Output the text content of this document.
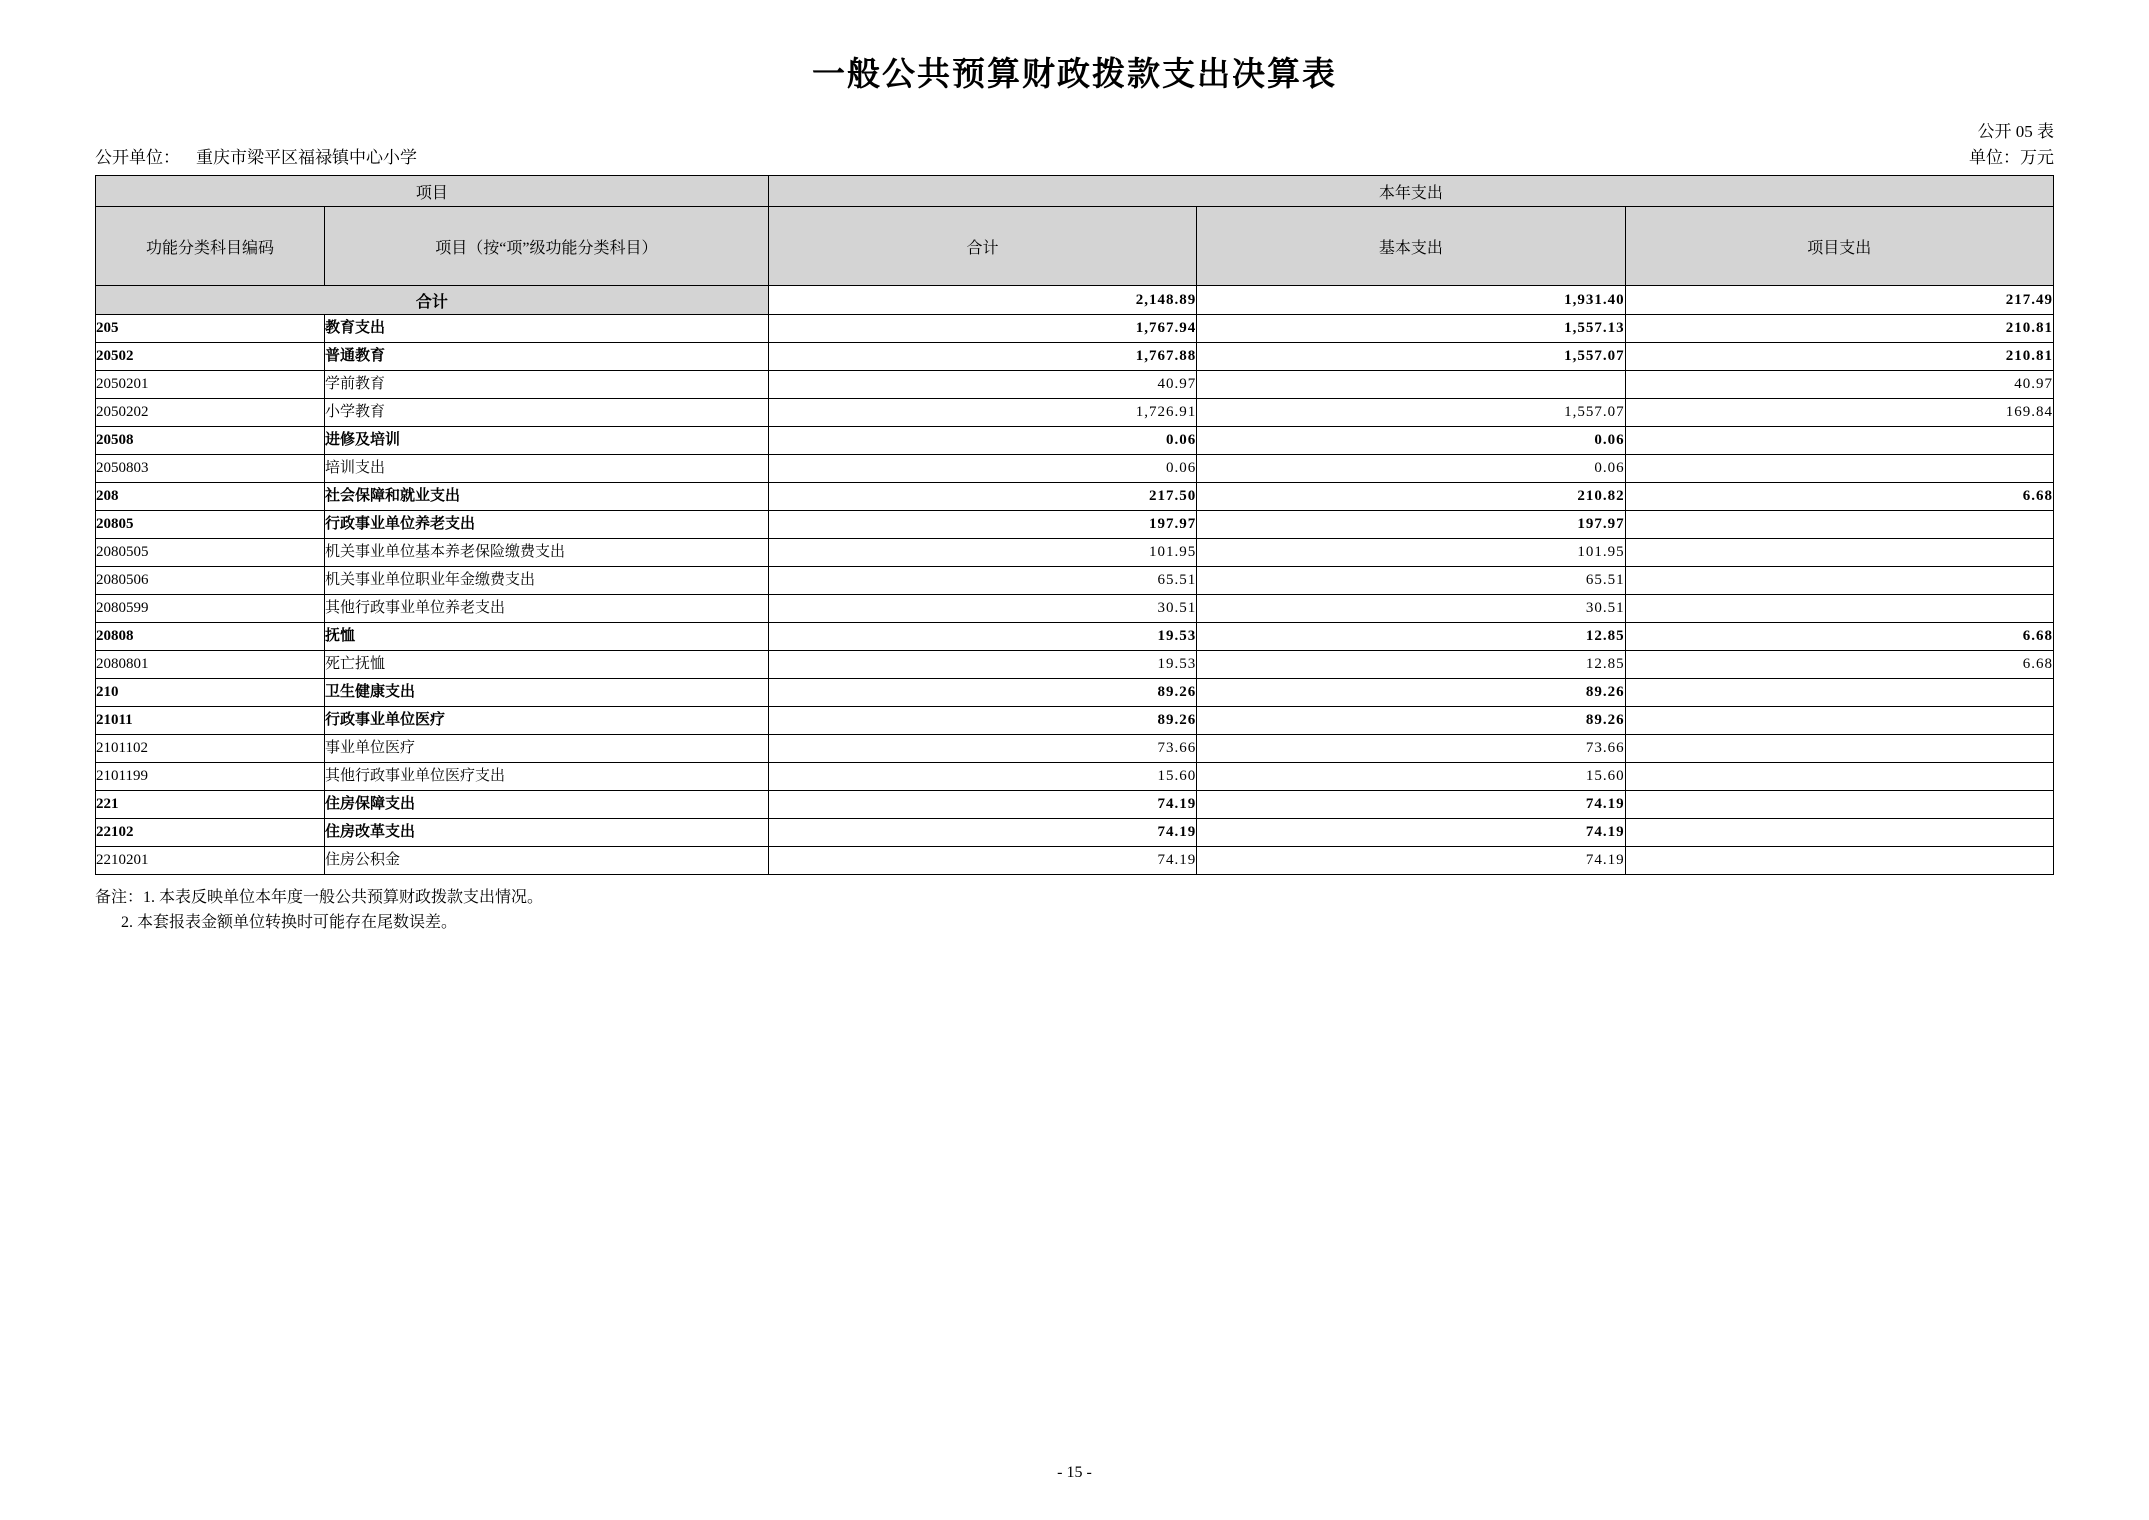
一般公共预算财政拨款支出决算表
公开 05 表
单位：万元
公开单位： 重庆市梁平区福禄镇中心小学
项目		本年支出		
功能分类科目编码	项目（按“项”级功能分类科目）	合计	基本支出	项目支出
合计		2,148.89	1,931.40	217.49
205	教育支出	1,767.94	1,557.13	210.81
20502	普通教育	1,767.88	1,557.07	210.81
2050201	学前教育	40.97		40.97
2050202	小学教育	1,726.91	1,557.07	169.84
20508	进修及培训	0.06	0.06	
2050803	培训支出	0.06	0.06	
208	社会保障和就业支出	217.50	210.82	6.68
20805	行政事业单位养老支出	197.97	197.97	
2080505	机关事业单位基本养老保险缴费支出	101.95	101.95	
2080506	机关事业单位职业年金缴费支出	65.51	65.51	
2080599	其他行政事业单位养老支出	30.51	30.51	
20808	抚恤	19.53	12.85	6.68
2080801	死亡抚恤	19.53	12.85	6.68
210	卫生健康支出	89.26	89.26	
21011	行政事业单位医疗	89.26	89.26	
2101102	事业单位医疗	73.66	73.66	
2101199	其他行政事业单位医疗支出	15.60	15.60	
221	住房保障支出	74.19	74.19	
22102	住房改革支出	74.19	74.19	
2210201	住房公积金	74.19	74.19	
备注：1. 本表反映单位本年度一般公共预算财政拨款支出情况。
2. 本套报表金额单位转换时可能存在尾数误差。
- 15 -
